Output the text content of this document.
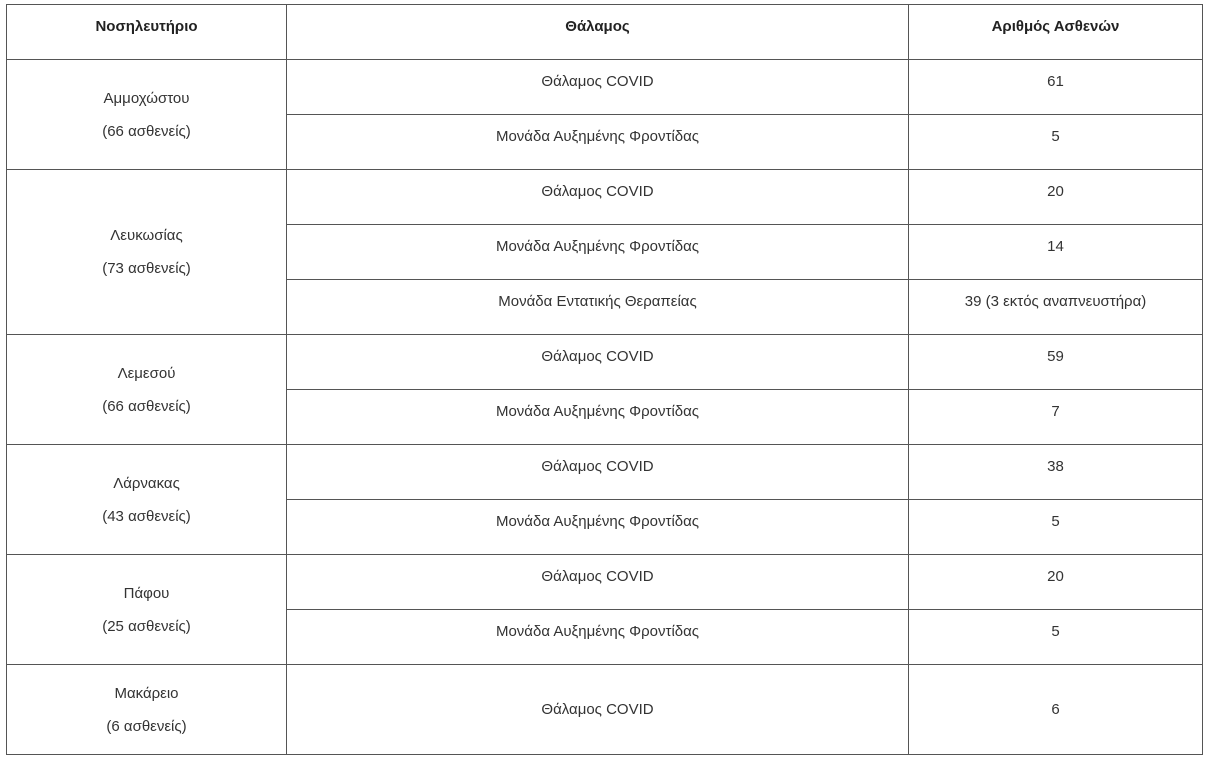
Νοσηλευτήριο	Θάλαμος	Αριθμός Ασθενών

Αμμοχώστου
(66 ασθενείς)	Θάλαμος COVID	61
	Μονάδα Αυξημένης Φροντίδας	5

Λευκωσίας
(73 ασθενείς)	Θάλαμος COVID	20
	Μονάδα Αυξημένης Φροντίδας	14
	Μονάδα Εντατικής Θεραπείας	39 (3 εκτός αναπνευστήρα)

Λεμεσού
(66 ασθενείς)	Θάλαμος COVID	59
	Μονάδα Αυξημένης Φροντίδας	7

Λάρνακας
(43 ασθενείς)	Θάλαμος COVID	38
	Μονάδα Αυξημένης Φροντίδας	5

Πάφου
(25 ασθενείς)	Θάλαμος COVID	20
	Μονάδα Αυξημένης Φροντίδας	5

Μακάρειο
(6 ασθενείς)	Θάλαμος COVID	6
